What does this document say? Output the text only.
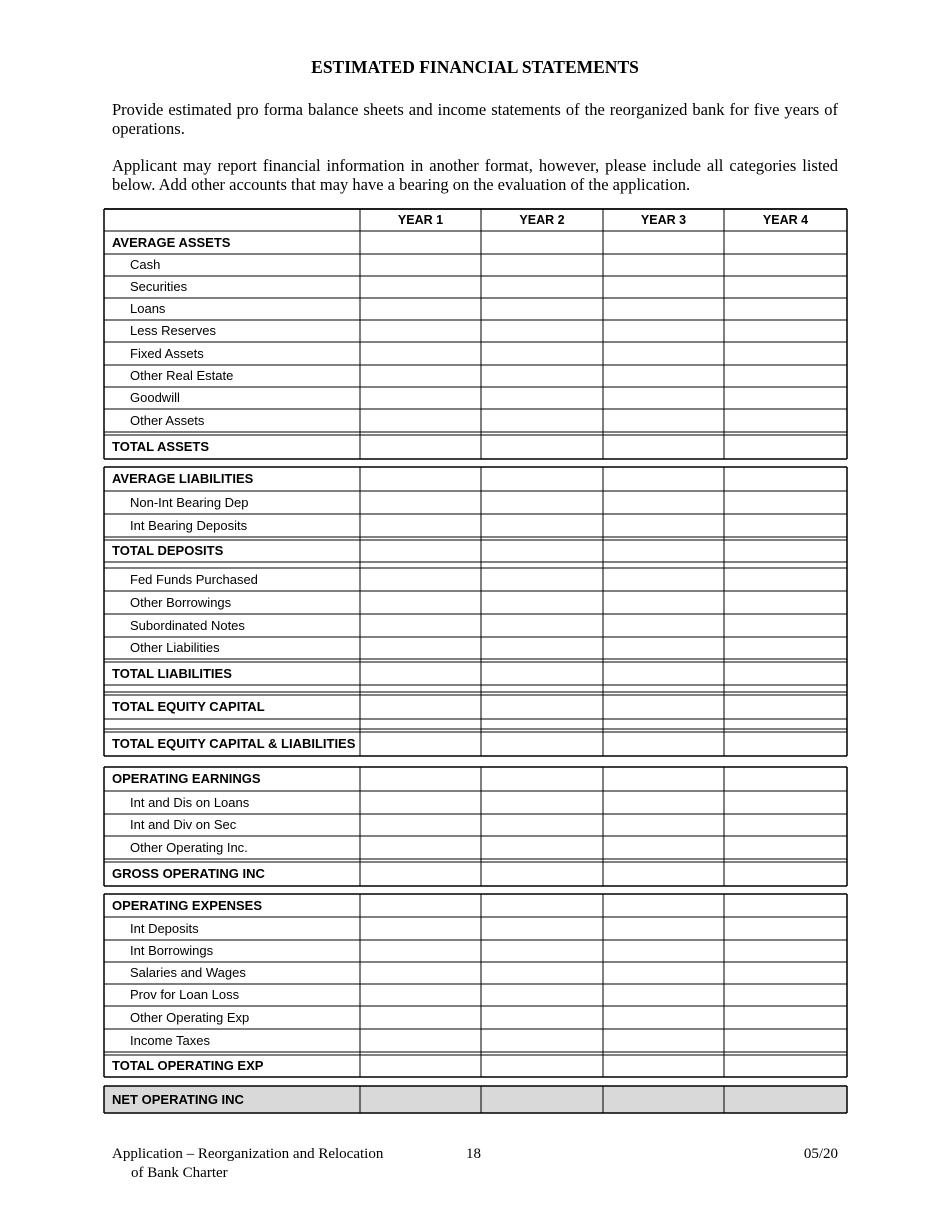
ESTIMATED FINANCIAL STATEMENTS

Provide estimated pro forma balance sheets and income statements of the reorganized bank for five years of operations.

Applicant may report financial information in another format, however, please include all categories listed below. Add other accounts that may have a bearing on the evaluation of the application.

YEAR 1	YEAR 2	YEAR 3	YEAR 4
AVERAGE ASSETS
Cash
Securities
Loans
Less Reserves
Fixed Assets
Other Real Estate
Goodwill
Other Assets
TOTAL ASSETS
AVERAGE LIABILITIES
Non-Int Bearing Dep
Int Bearing Deposits
TOTAL DEPOSITS
Fed Funds Purchased
Other Borrowings
Subordinated Notes
Other Liabilities
TOTAL LIABILITIES
TOTAL EQUITY CAPITAL
TOTAL EQUITY CAPITAL & LIABILITIES
OPERATING EARNINGS
Int and Dis on Loans
Int and Div on Sec
Other Operating Inc.
GROSS OPERATING INC
OPERATING EXPENSES
Int Deposits
Int Borrowings
Salaries and Wages
Prov for Loan Loss
Other Operating Exp
Income Taxes
TOTAL OPERATING EXP
NET OPERATING INC
Application – Reorganization and Relocation
of Bank Charter
18	05/20
